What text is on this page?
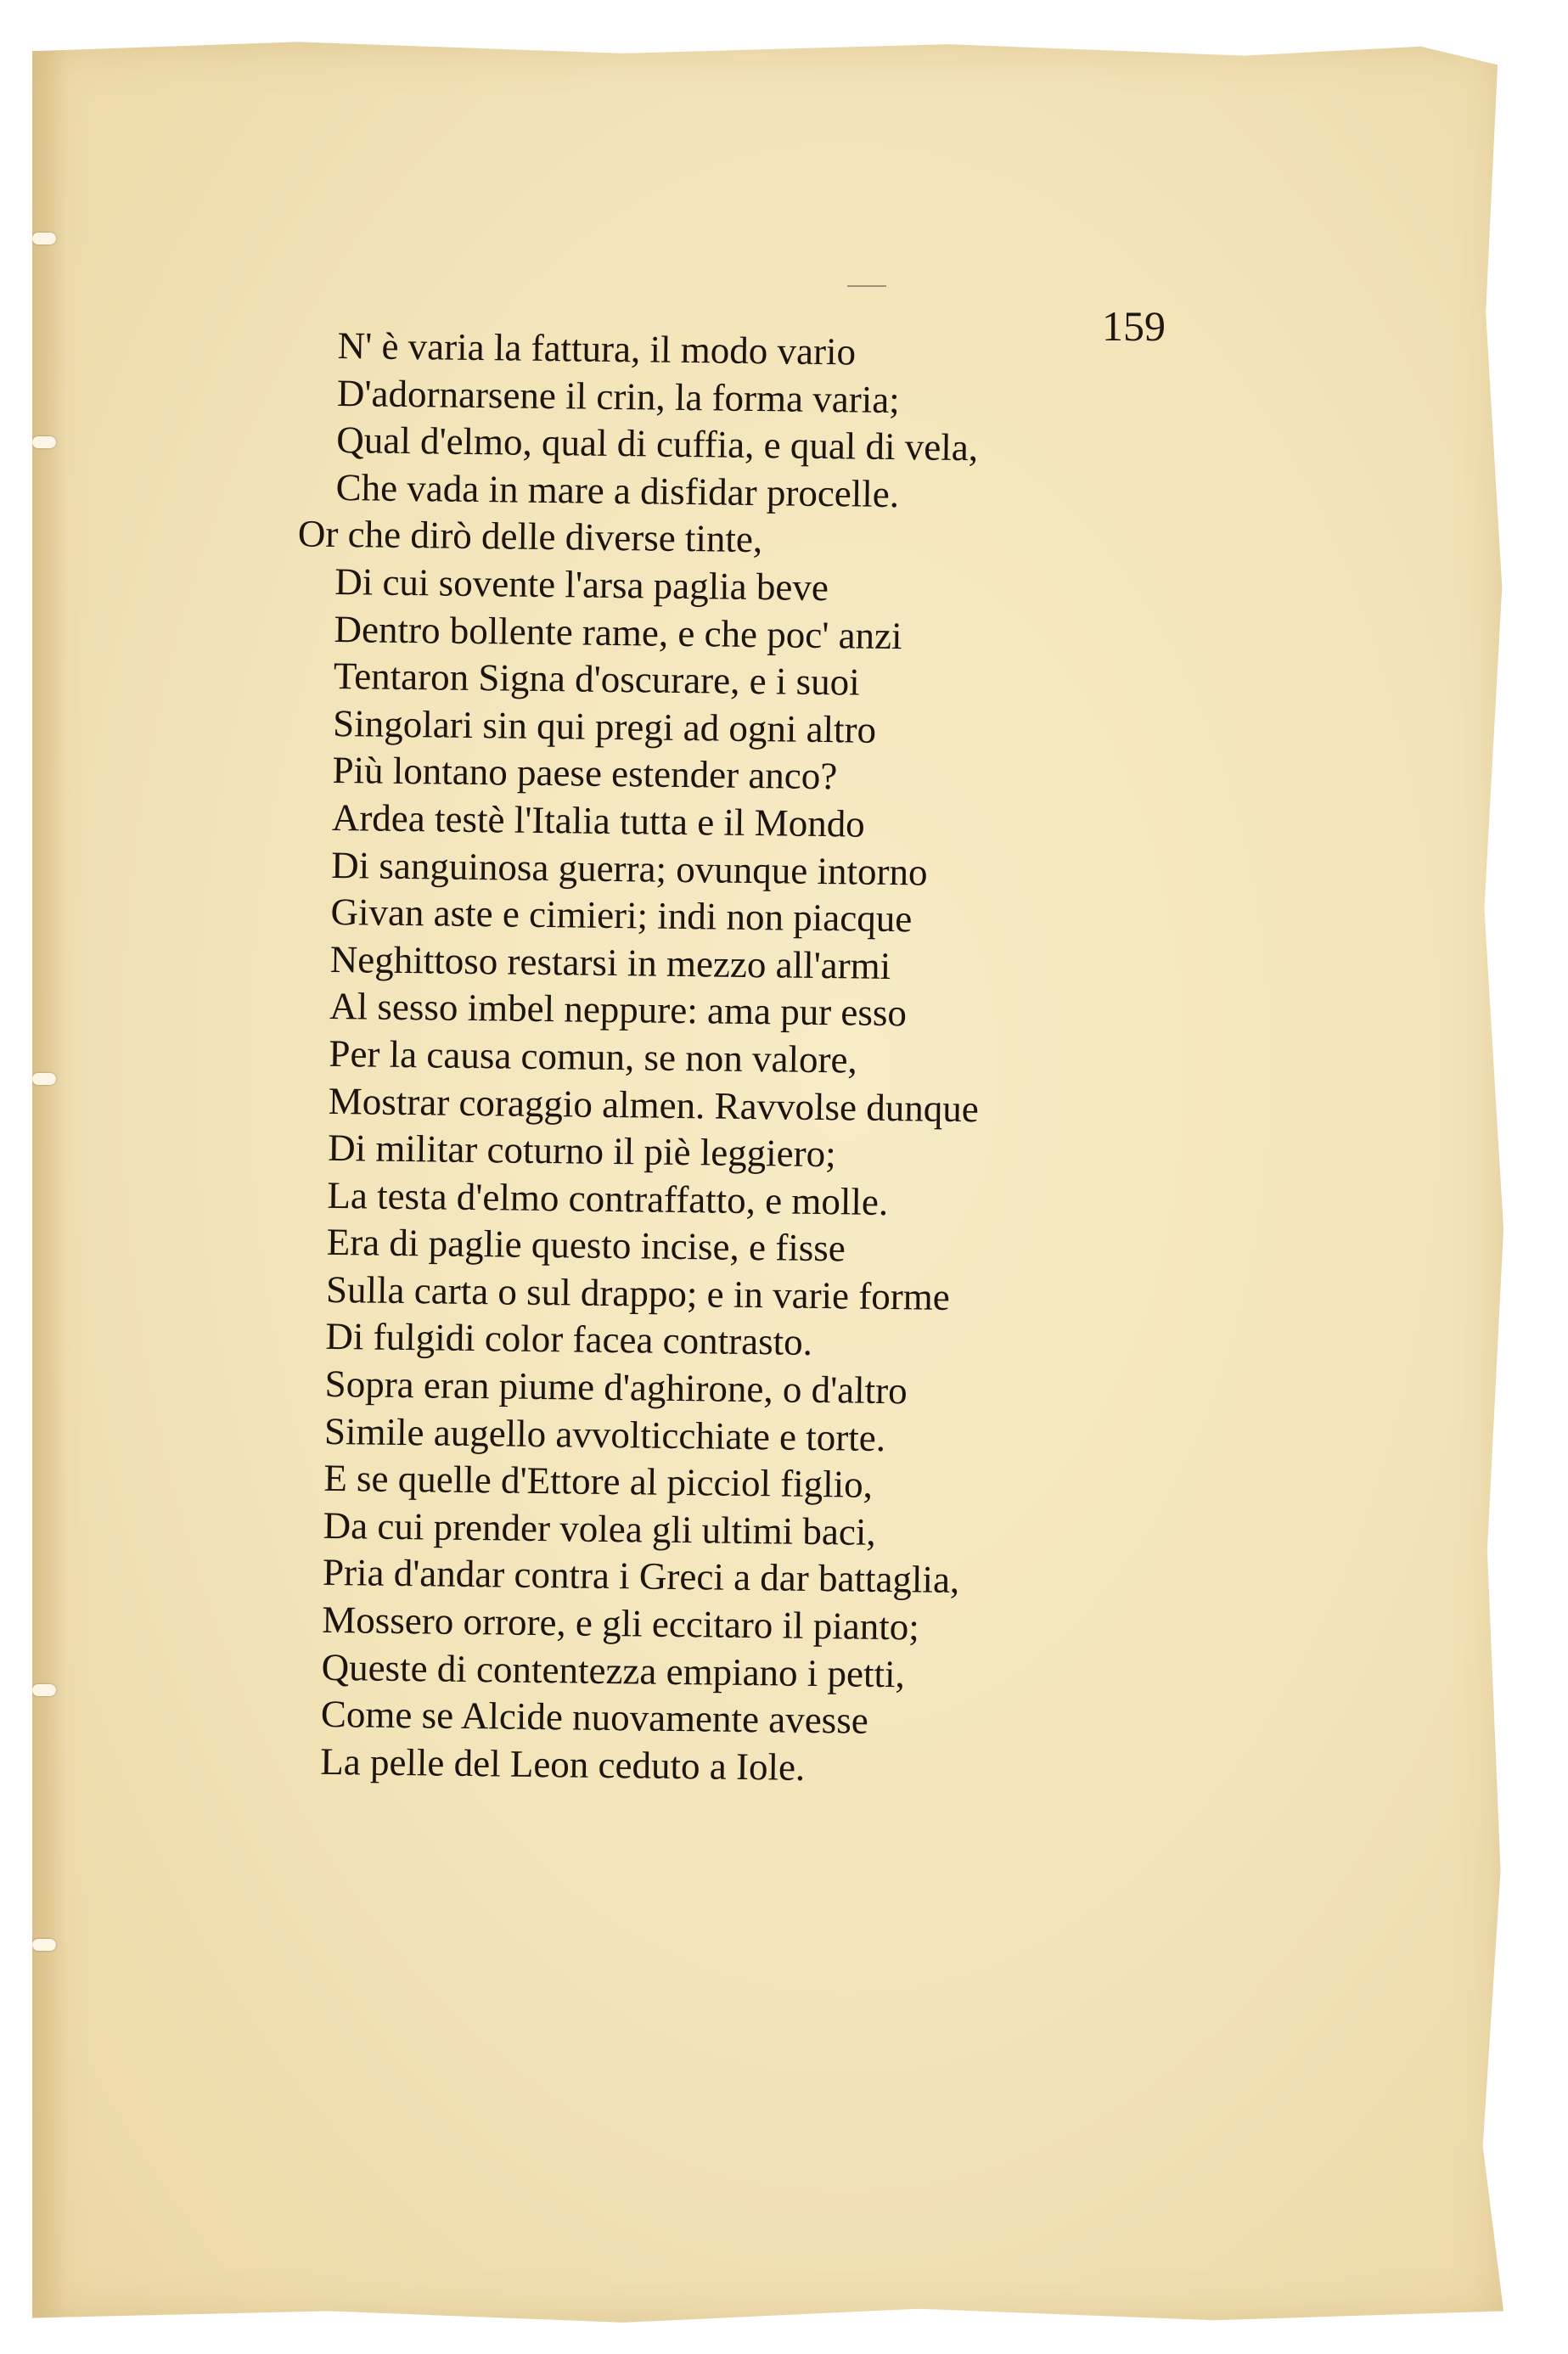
159

N' è varia la fattura, il modo vario
D'adornarsene il crin, la forma varia;
Qual d'elmo, qual di cuffia, e qual di vela,
Che vada in mare a disfidar procelle.
Or che dirò delle diverse tinte,
Di cui sovente l'arsa paglia beve
Dentro bollente rame, e che poc' anzi
Tentaron Signa d'oscurare, e i suoi
Singolari sin qui pregi ad ogni altro
Più lontano paese estender anco?
Ardea testè l'Italia tutta e il Mondo
Di sanguinosa guerra; ovunque intorno
Givan aste e cimieri; indi non piacque
Neghittoso restarsi in mezzo all'armi
Al sesso imbel neppure: ama pur esso
Per la causa comun, se non valore,
Mostrar coraggio almen. Ravvolse dunque
Di militar coturno il piè leggiero;
La testa d'elmo contraffatto, e molle.
Era di paglie questo incise, e fisse
Sulla carta o sul drappo; e in varie forme
Di fulgidi color facea contrasto.
Sopra eran piume d'aghirone, o d'altro
Simile augello avvolticchiate e torte.
E se quelle d'Ettore al picciol figlio,
Da cui prender volea gli ultimi baci,
Pria d'andar contra i Greci a dar battaglia,
Mossero orrore, e gli eccitaro il pianto;
Queste di contentezza empiano i petti,
Come se Alcide nuovamente avesse
La pelle del Leon ceduto a Iole.
